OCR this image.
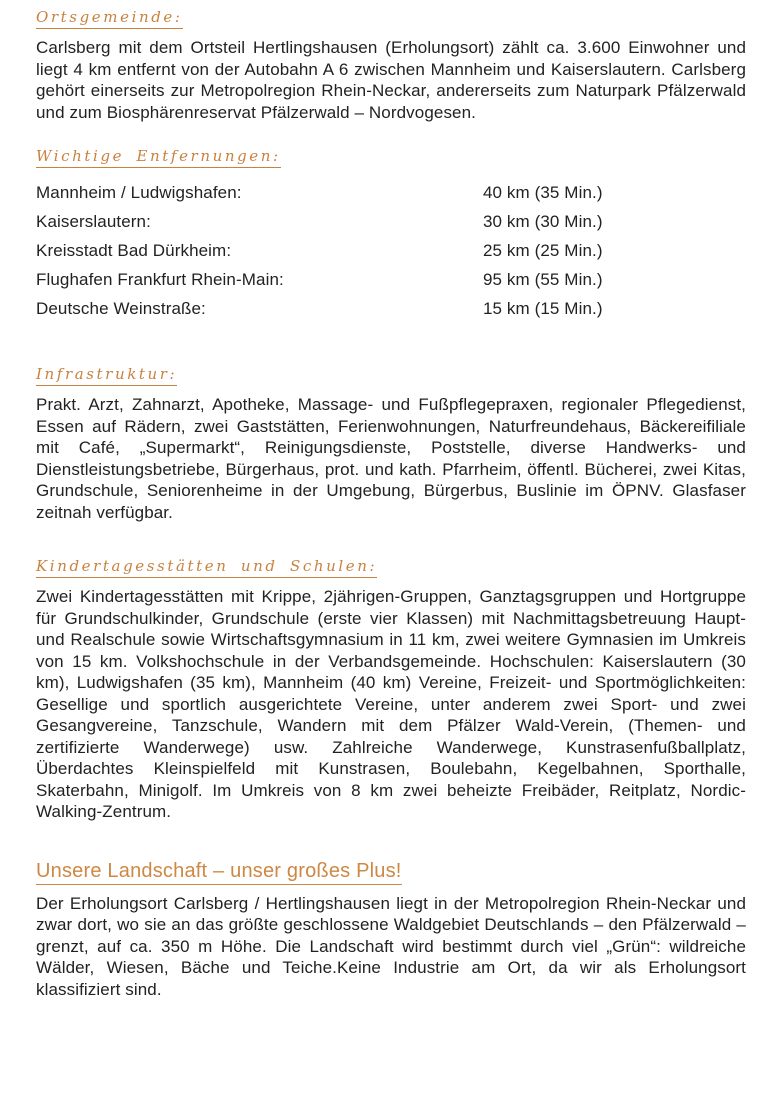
Ortsgemeinde:

Carlsberg mit dem Ortsteil Hertlingshausen (Erholungsort) zählt ca. 3.600 Einwohner und liegt 4 km entfernt von der Autobahn A 6 zwischen Mannheim und Kaiserslautern. Carlsberg gehört einerseits zur Metropolregion Rhein-Neckar, andererseits zum Naturpark Pfälzerwald und zum Biosphärenreservat Pfälzerwald – Nordvogesen.

Wichtige Entfernungen:
Mannheim / Ludwigshafen:	40 km (35 Min.)
Kaiserslautern:	30 km (30 Min.)
Kreisstadt Bad Dürkheim:	25 km (25 Min.)
Flughafen Frankfurt Rhein-Main:	95 km (55 Min.)
Deutsche Weinstraße:	15 km (15 Min.)
Infrastruktur:

Prakt. Arzt, Zahnarzt, Apotheke, Massage- und Fußpflegepraxen, regionaler Pflegedienst, Essen auf Rädern, zwei Gaststätten, Ferienwohnungen, Naturfreundehaus, Bäckereifiliale mit Café, „Supermarkt“, Reinigungsdienste, Poststelle, diverse Handwerks- und Dienstleistungsbetriebe, Bürgerhaus, prot. und kath. Pfarrheim, öffentl. Bücherei, zwei Kitas, Grundschule, Seniorenheime in der Umgebung, Bürgerbus, Buslinie im ÖPNV. Glasfaser zeitnah verfügbar.

Kindertagesstätten und Schulen:

Zwei Kindertagesstätten mit Krippe, 2jährigen-Gruppen, Ganztagsgruppen und Hortgruppe für Grundschulkinder, Grundschule (erste vier Klassen) mit Nachmittagsbetreuung Haupt- und Realschule sowie Wirtschaftsgymnasium in 11 km, zwei weitere Gymnasien im Umkreis von 15 km. Volkshochschule in der Verbandsgemeinde. Hochschulen: Kaiserslautern (30 km), Ludwigshafen (35 km), Mannheim (40 km) Vereine, Freizeit- und Sportmöglichkeiten: Gesellige und sportlich ausgerichtete Vereine, unter anderem zwei Sport- und zwei Gesangvereine, Tanzschule, Wandern mit dem Pfälzer Wald-Verein, (Themen- und zertifizierte Wanderwege) usw. Zahlreiche Wanderwege, Kunstrasenfußballplatz, Überdachtes Kleinspielfeld mit Kunstrasen, Boulebahn, Kegelbahnen, Sporthalle, Skaterbahn, Minigolf. Im Umkreis von 8 km zwei beheizte Freibäder, Reitplatz, Nordic-Walking-Zentrum.

Unsere Landschaft – unser großes Plus!

Der Erholungsort Carlsberg / Hertlingshausen liegt in der Metropolregion Rhein-Neckar und zwar dort, wo sie an das größte geschlossene Waldgebiet Deutschlands – den Pfälzerwald – grenzt, auf ca. 350 m Höhe. Die Landschaft wird bestimmt durch viel „Grün“: wildreiche Wälder, Wiesen, Bäche und Teiche.Keine Industrie am Ort, da wir als Erholungsort klassifiziert sind.
